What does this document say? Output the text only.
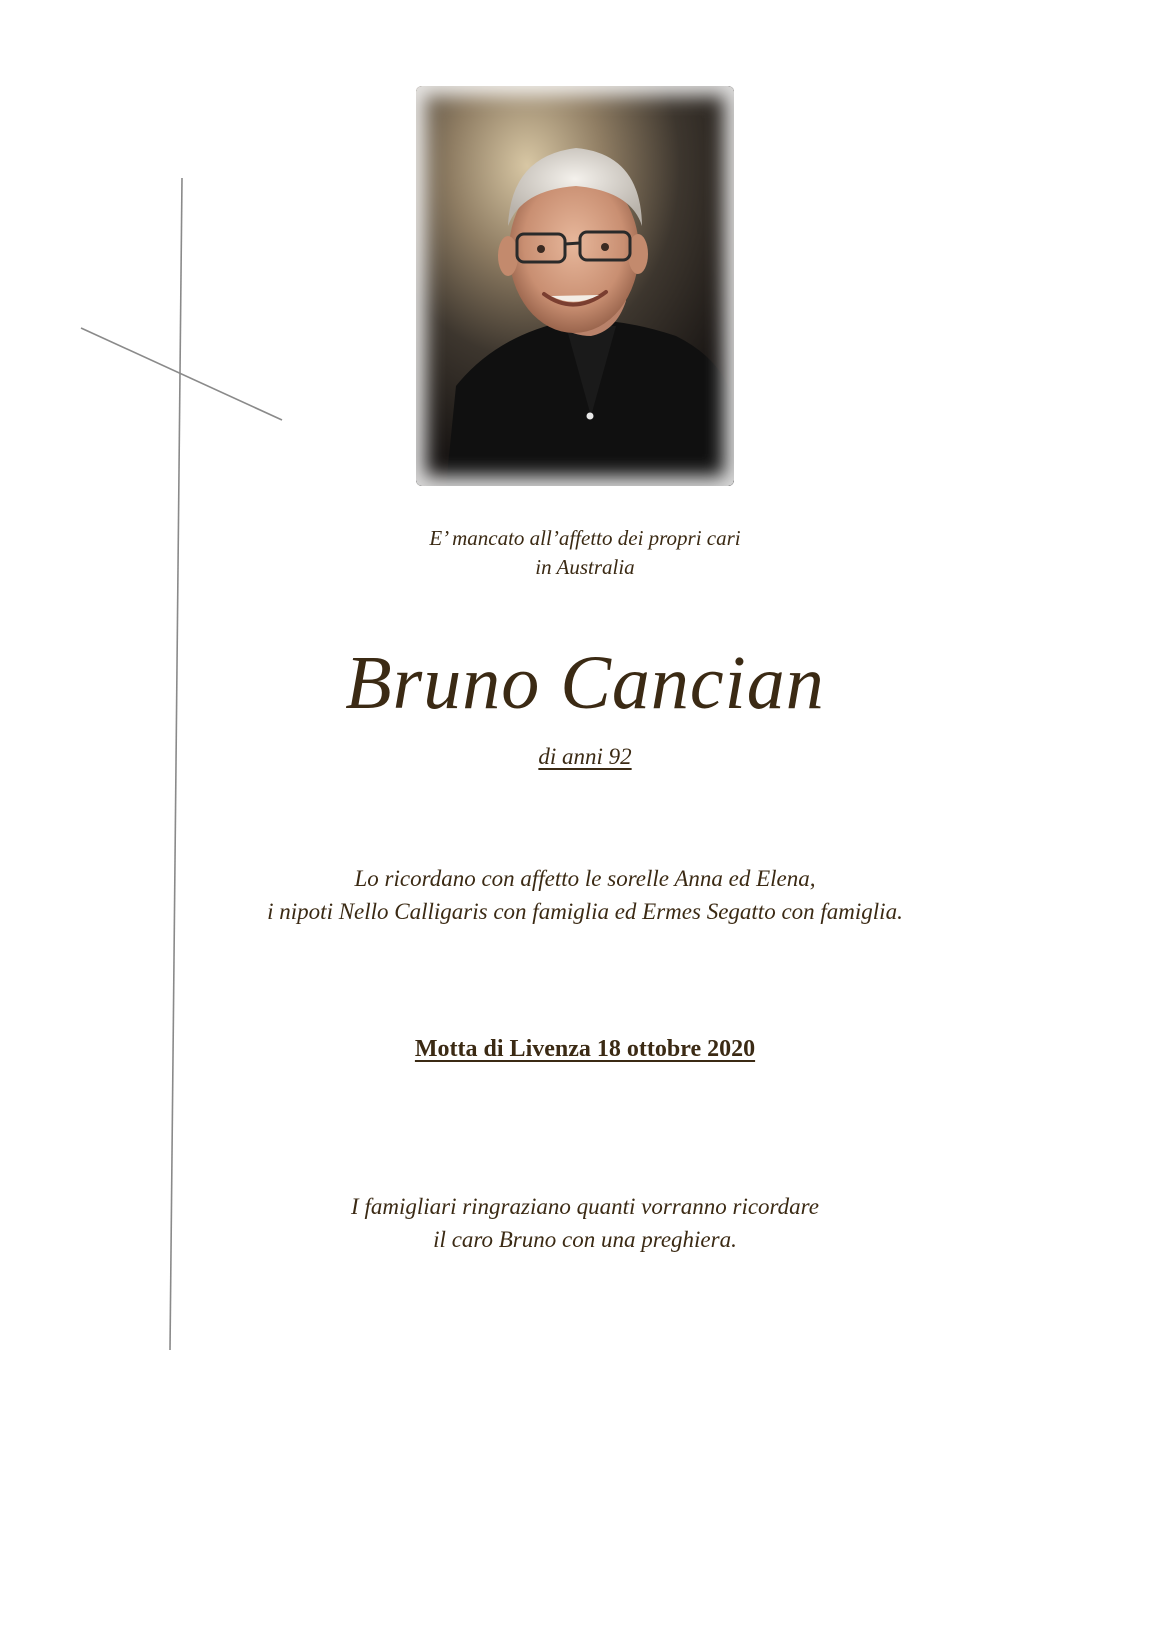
E’ mancato all’affetto dei propri cari
in Australia
Bruno Cancian
di anni 92
Lo ricordano con affetto le sorelle Anna ed Elena,
i nipoti Nello Calligaris con famiglia ed Ermes Segatto con famiglia.
Motta di Livenza 18 ottobre 2020
I famigliari ringraziano quanti vorranno ricordare
il caro Bruno con una preghiera.
